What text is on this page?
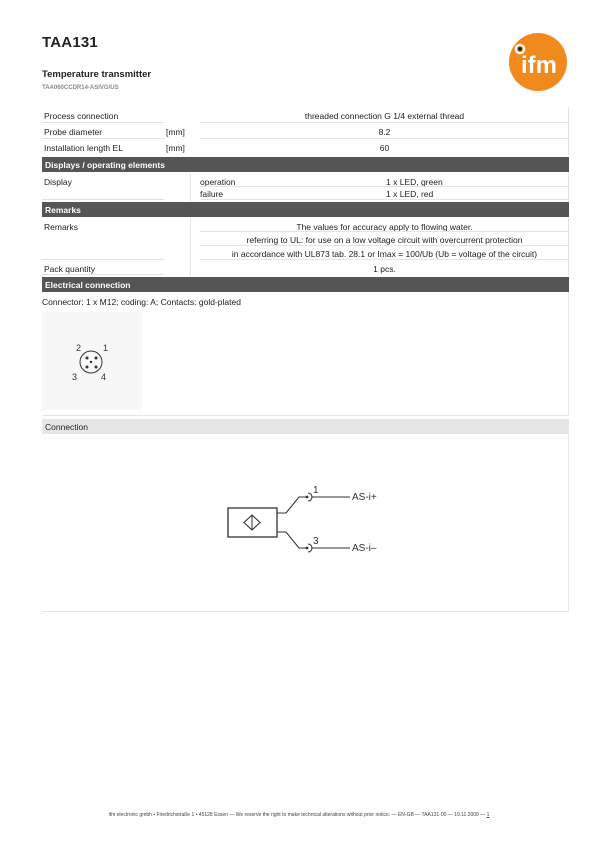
TAA131
Temperature transmitter
TAA060CCDR14-ASIVG/US
ifm
Process connection	threaded connection G 1/4 external thread
Probe diameter	[mm]	8.2
Installation length EL	[mm]	60
Displays / operating elements
Display	operation	1 x LED, green
failure	1 x LED, red
Remarks
Remarks	The values for accuracy apply to flowing water.
referring to UL: for use on a low voltage circuit with overcurrent protection
in accordance with UL873 tab. 28.1 or Imax = 100/Ub (Ub = voltage of the circuit)
Pack quantity	1 pcs.
Electrical connection
Connector: 1 x M12; coding: A; Contacts: gold-plated
2 1
3	4
Connection
1
3
AS-i+
AS-i–
ifm electronic gmbh • Friedrichstraße 1 • 45128 Essen — We reserve the right to make technical alterations without prior notice. — EN-GB — TAA131-00 — 19.11.2009 — 1
